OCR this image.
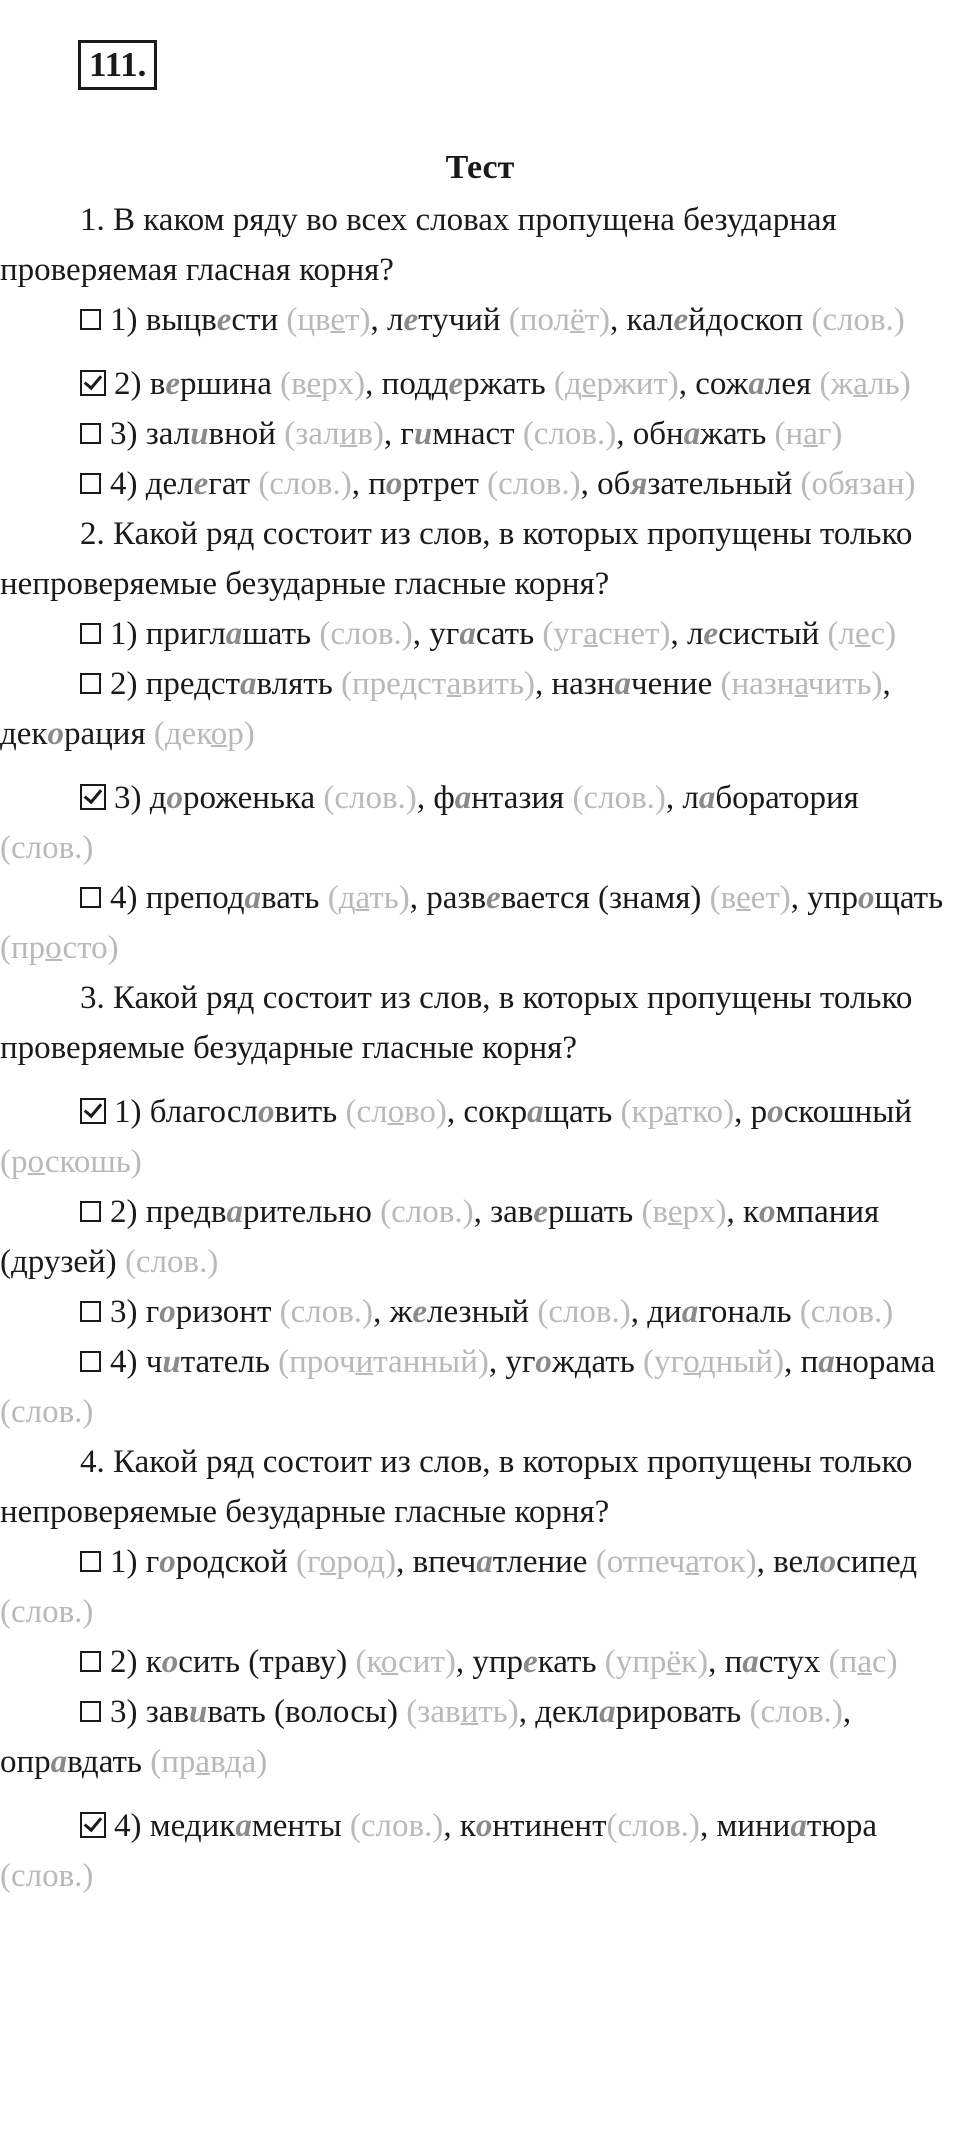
111.
Тест

1. В каком ряду во всех словах пропущена безударная проверяемая гласная корня?

1) выцвести (цвет), летучий (полёт), калейдоскоп (слов.)

2) вершина (верх), поддержать (держит), сожалея (жаль)

3) заливной (залив), гимнаст (слов.), обнажать (наг)

4) делегат (слов.), портрет (слов.), обязательный (обязан)

2. Какой ряд состоит из слов, в которых пропущены только непроверяемые безударные гласные корня?

1) приглашать (слов.), угасать (угаснет), лесистый (лес)

2) представлять (представить), назначение (назначить), декорация (декор)

3) дороженька (слов.), фантазия (слов.), лаборатория (слов.)

4) преподавать (дать), развевается (знамя) (веет), упрощать (просто)

3. Какой ряд состоит из слов, в которых пропущены только проверяемые безударные гласные корня?

1) благословить (слово), сокращать (кратко), роскошный (роскошь)

2) предварительно (слов.), завершать (верх), компания (друзей) (слов.)

3) горизонт (слов.), железный (слов.), диагональ (слов.)

4) читатель (прочитанный), угождать (угодный), панорама (слов.)

4. Какой ряд состоит из слов, в которых пропущены только непроверяемые безударные гласные корня?

1) городской (город), впечатление (отпечаток), велосипед (слов.)

2) косить (траву) (косит), упрекать (упрёк), пастух (пас)

3) завивать (волосы) (завить), декларировать (слов.), оправдать (правда)

4) медикаменты (слов.), континент(слов.), миниатюра (слов.)
